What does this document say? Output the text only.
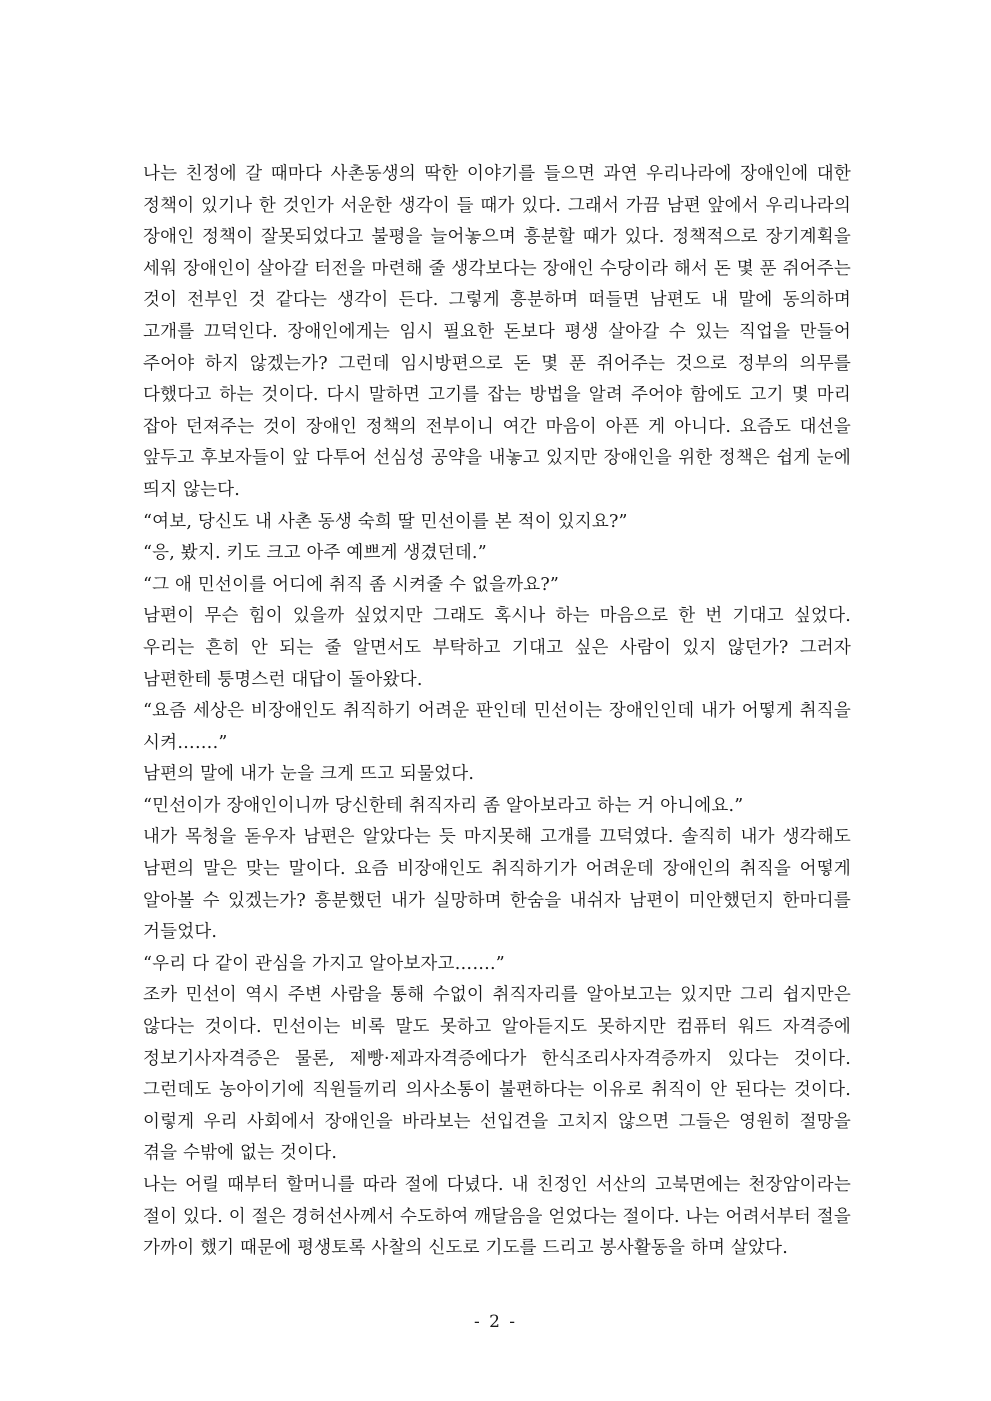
나는 친정에 갈 때마다 사촌동생의 딱한 이야기를 들으면 과연 우리나라에 장애인에 대한 정책이 있기나 한 것인가 서운한 생각이 들 때가 있다. 그래서 가끔 남편 앞에서 우리나라의 장애인 정책이 잘못되었다고 불평을 늘어놓으며 흥분할 때가 있다. 정책적으로 장기계획을 세워 장애인이 살아갈 터전을 마련해 줄 생각보다는 장애인 수당이라 해서 돈 몇 푼 쥐어주는 것이 전부인 것 같다는 생각이 든다. 그렇게 흥분하며 떠들면 남편도 내 말에 동의하며 고개를 끄덕인다. 장애인에게는 임시 필요한 돈보다 평생 살아갈 수 있는 직업을 만들어 주어야 하지 않겠는가? 그런데 임시방편으로 돈 몇 푼 쥐어주는 것으로 정부의 의무를 다했다고 하는 것이다. 다시 말하면 고기를 잡는 방법을 알려 주어야 함에도 고기 몇 마리 잡아 던져주는 것이 장애인 정책의 전부이니 여간 마음이 아픈 게 아니다. 요즘도 대선을 앞두고 후보자들이 앞 다투어 선심성 공약을 내놓고 있지만 장애인을 위한 정책은 쉽게 눈에 띄지 않는다.

“여보, 당신도 내 사촌 동생 숙희 딸 민선이를 본 적이 있지요?”

“응, 봤지. 키도 크고 아주 예쁘게 생겼던데.”

“그 애 민선이를 어디에 취직 좀 시켜줄 수 없을까요?”

남편이 무슨 힘이 있을까 싶었지만 그래도 혹시나 하는 마음으로 한 번 기대고 싶었다. 우리는 흔히 안 되는 줄 알면서도 부탁하고 기대고 싶은 사람이 있지 않던가? 그러자 남편한테 퉁명스런 대답이 돌아왔다.

“요즘 세상은 비장애인도 취직하기 어려운 판인데 민선이는 장애인인데 내가 어떻게 취직을 시켜…….”

남편의 말에 내가 눈을 크게 뜨고 되물었다.

“민선이가 장애인이니까 당신한테 취직자리 좀 알아보라고 하는 거 아니에요.”

내가 목청을 돋우자 남편은 알았다는 듯 마지못해 고개를 끄덕였다. 솔직히 내가 생각해도 남편의 말은 맞는 말이다. 요즘 비장애인도 취직하기가 어려운데 장애인의 취직을 어떻게 알아볼 수 있겠는가? 흥분했던 내가 실망하며 한숨을 내쉬자 남편이 미안했던지 한마디를 거들었다.

“우리 다 같이 관심을 가지고 알아보자고…….”

조카 민선이 역시 주변 사람을 통해 수없이 취직자리를 알아보고는 있지만 그리 쉽지만은 않다는 것이다. 민선이는 비록 말도 못하고 알아듣지도 못하지만 컴퓨터 워드 자격증에 정보기사자격증은 물론, 제빵·제과자격증에다가 한식조리사자격증까지 있다는 것이다. 그런데도 농아이기에 직원들끼리 의사소통이 불편하다는 이유로 취직이 안 된다는 것이다. 이렇게 우리 사회에서 장애인을 바라보는 선입견을 고치지 않으면 그들은 영원히 절망을 겪을 수밖에 없는 것이다.

나는 어릴 때부터 할머니를 따라 절에 다녔다. 내 친정인 서산의 고북면에는 천장암이라는 절이 있다. 이 절은 경허선사께서 수도하여 깨달음을 얻었다는 절이다. 나는 어려서부터 절을 가까이 했기 때문에 평생토록 사찰의 신도로 기도를 드리고 봉사활동을 하며 살았다.

- 2 -
